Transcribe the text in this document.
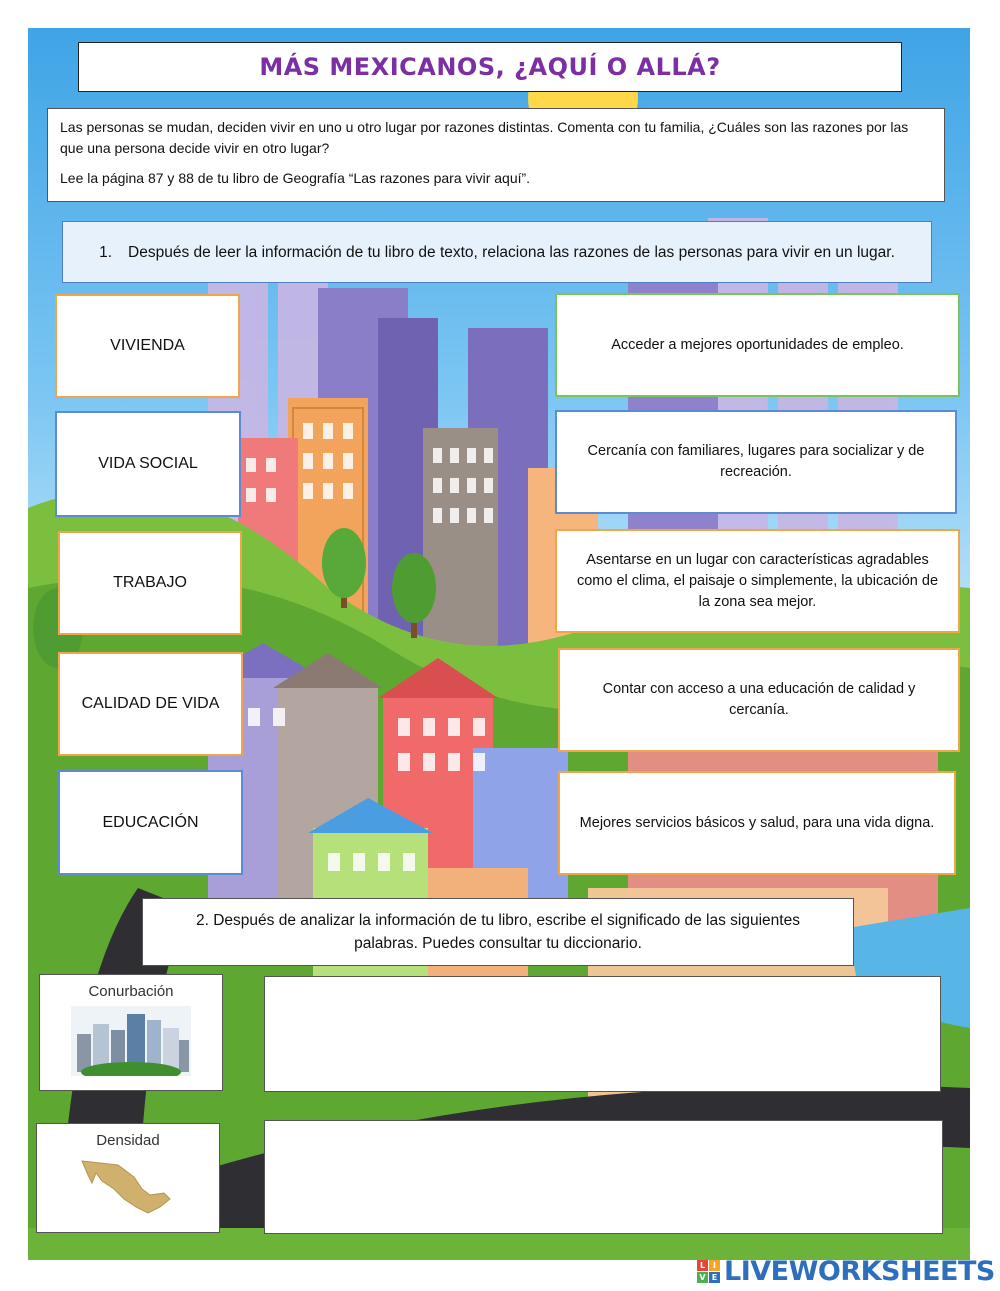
MÁS MEXICANOS, ¿AQUÍ O ALLÁ?

Las personas se mudan, deciden vivir en uno u otro lugar por razones distintas. Comenta con tu familia, ¿Cuáles son las razones por las que una persona decide vivir en otro lugar?

Lee la página 87 y 88 de tu libro de Geografía “Las razones para vivir aquí”.

1. Después de leer la información de tu libro de texto, relaciona las razones de las personas para vivir en un lugar.
VIVIENDA
VIDA SOCIAL
TRABAJO
CALIDAD DE VIDA
EDUCACIÓN
Acceder a mejores oportunidades de empleo.
Cercanía con familiares, lugares para socializar y de recreación.
Asentarse en un lugar con características agradables como el clima, el paisaje o simplemente, la ubicación de la zona sea mejor.
Contar con acceso a una educación de calidad y cercanía.
Mejores servicios básicos y salud, para una vida digna.
2. Después de analizar la información de tu libro, escribe el significado de las siguientes palabras. Puedes consultar tu diccionario.
Conurbación
Densidad
L I
V E LIVEWORKSHEETS
